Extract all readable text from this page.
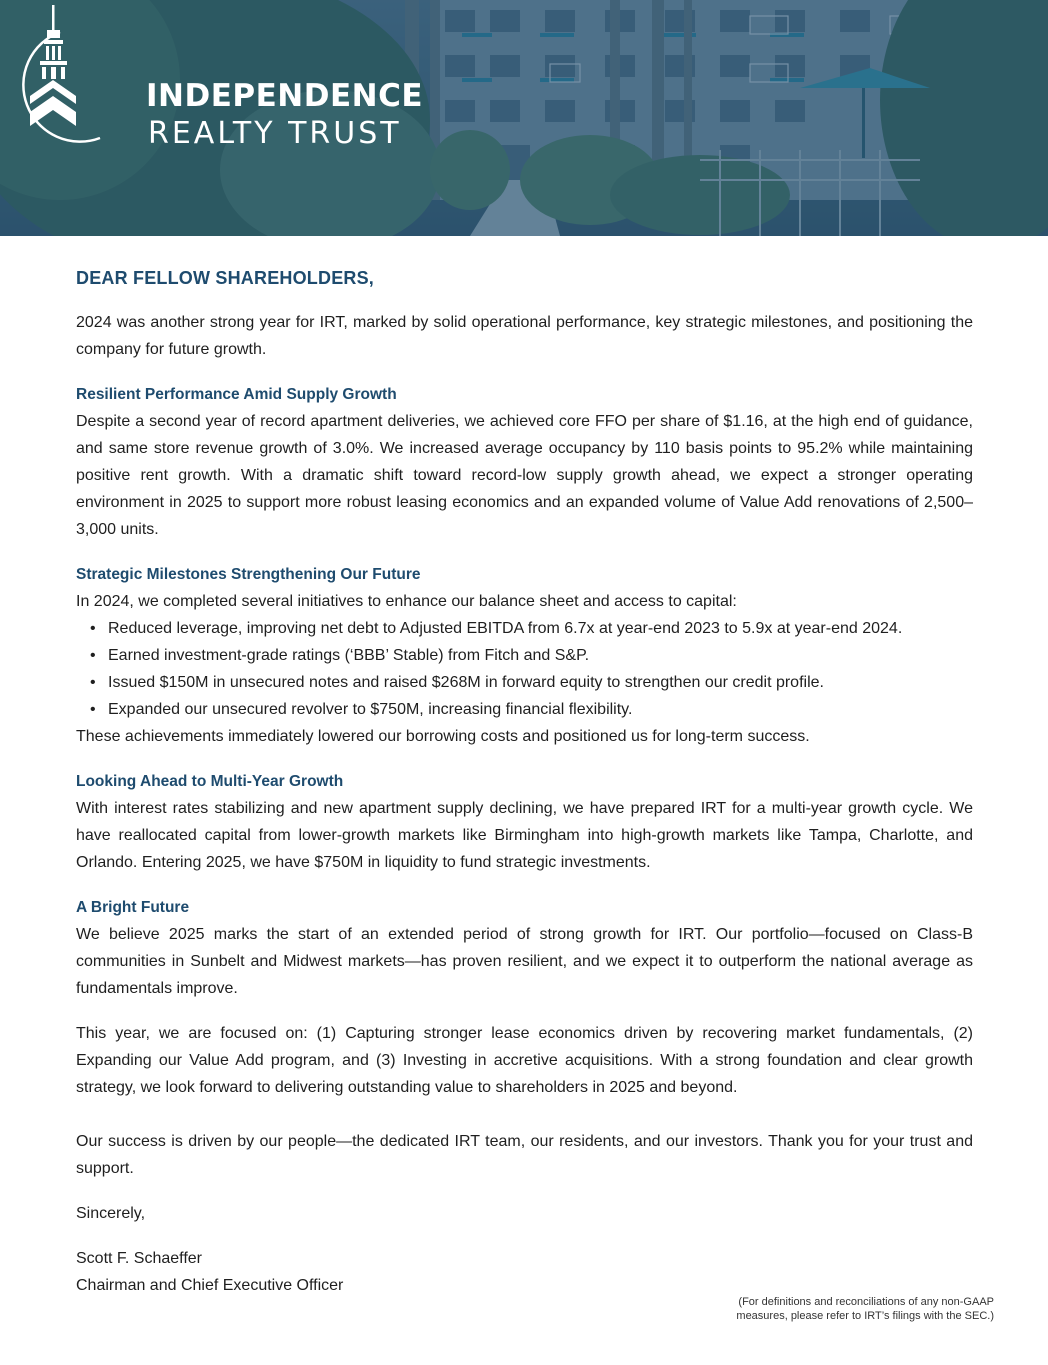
INDEPENDENCE
REALTY TRUST
DEAR FELLOW SHAREHOLDERS,

2024 was another strong year for IRT, marked by solid operational performance, key strategic milestones, and positioning the company for future growth.

Resilient Performance Amid Supply Growth

Despite a second year of record apartment deliveries, we achieved core FFO per share of $1.16, at the high end of guidance, and same store revenue growth of 3.0%. We increased average occupancy by 110 basis points to 95.2% while maintaining positive rent growth. With a dramatic shift toward record-low supply growth ahead, we expect a stronger operating environment in 2025 to support more robust leasing economics and an expanded volume of Value Add renovations of 2,500–3,000 units.

Strategic Milestones Strengthening Our Future

In 2024, we completed several initiatives to enhance our balance sheet and access to capital:

• Reduced leverage, improving net debt to Adjusted EBITDA from 6.7x at year-end 2023 to 5.9x at year-end 2024.
• Earned investment-grade ratings (‘BBB’ Stable) from Fitch and S&P.
• Issued $150M in unsecured notes and raised $268M in forward equity to strengthen our credit profile.
• Expanded our unsecured revolver to $750M, increasing financial flexibility.

These achievements immediately lowered our borrowing costs and positioned us for long-term success.

Looking Ahead to Multi-Year Growth

With interest rates stabilizing and new apartment supply declining, we have prepared IRT for a multi-year growth cycle. We have reallocated capital from lower-growth markets like Birmingham into high-growth markets like Tampa, Charlotte, and Orlando. Entering 2025, we have $750M in liquidity to fund strategic investments.

A Bright Future

We believe 2025 marks the start of an extended period of strong growth for IRT. Our portfolio—focused on Class-B communities in Sunbelt and Midwest markets—has proven resilient, and we expect it to outperform the national average as fundamentals improve.

This year, we are focused on: (1) Capturing stronger lease economics driven by recovering market fundamentals, (2) Expanding our Value Add program, and (3) Investing in accretive acquisitions. With a strong foundation and clear growth strategy, we look forward to delivering outstanding value to shareholders in 2025 and beyond.

Our success is driven by our people—the dedicated IRT team, our residents, and our investors. Thank you for your trust and support.

Sincerely,

Scott F. Schaeffer

Chairman and Chief Executive Officer

(For definitions and reconciliations of any non-GAAP
measures, please refer to IRT’s filings with the SEC.)
